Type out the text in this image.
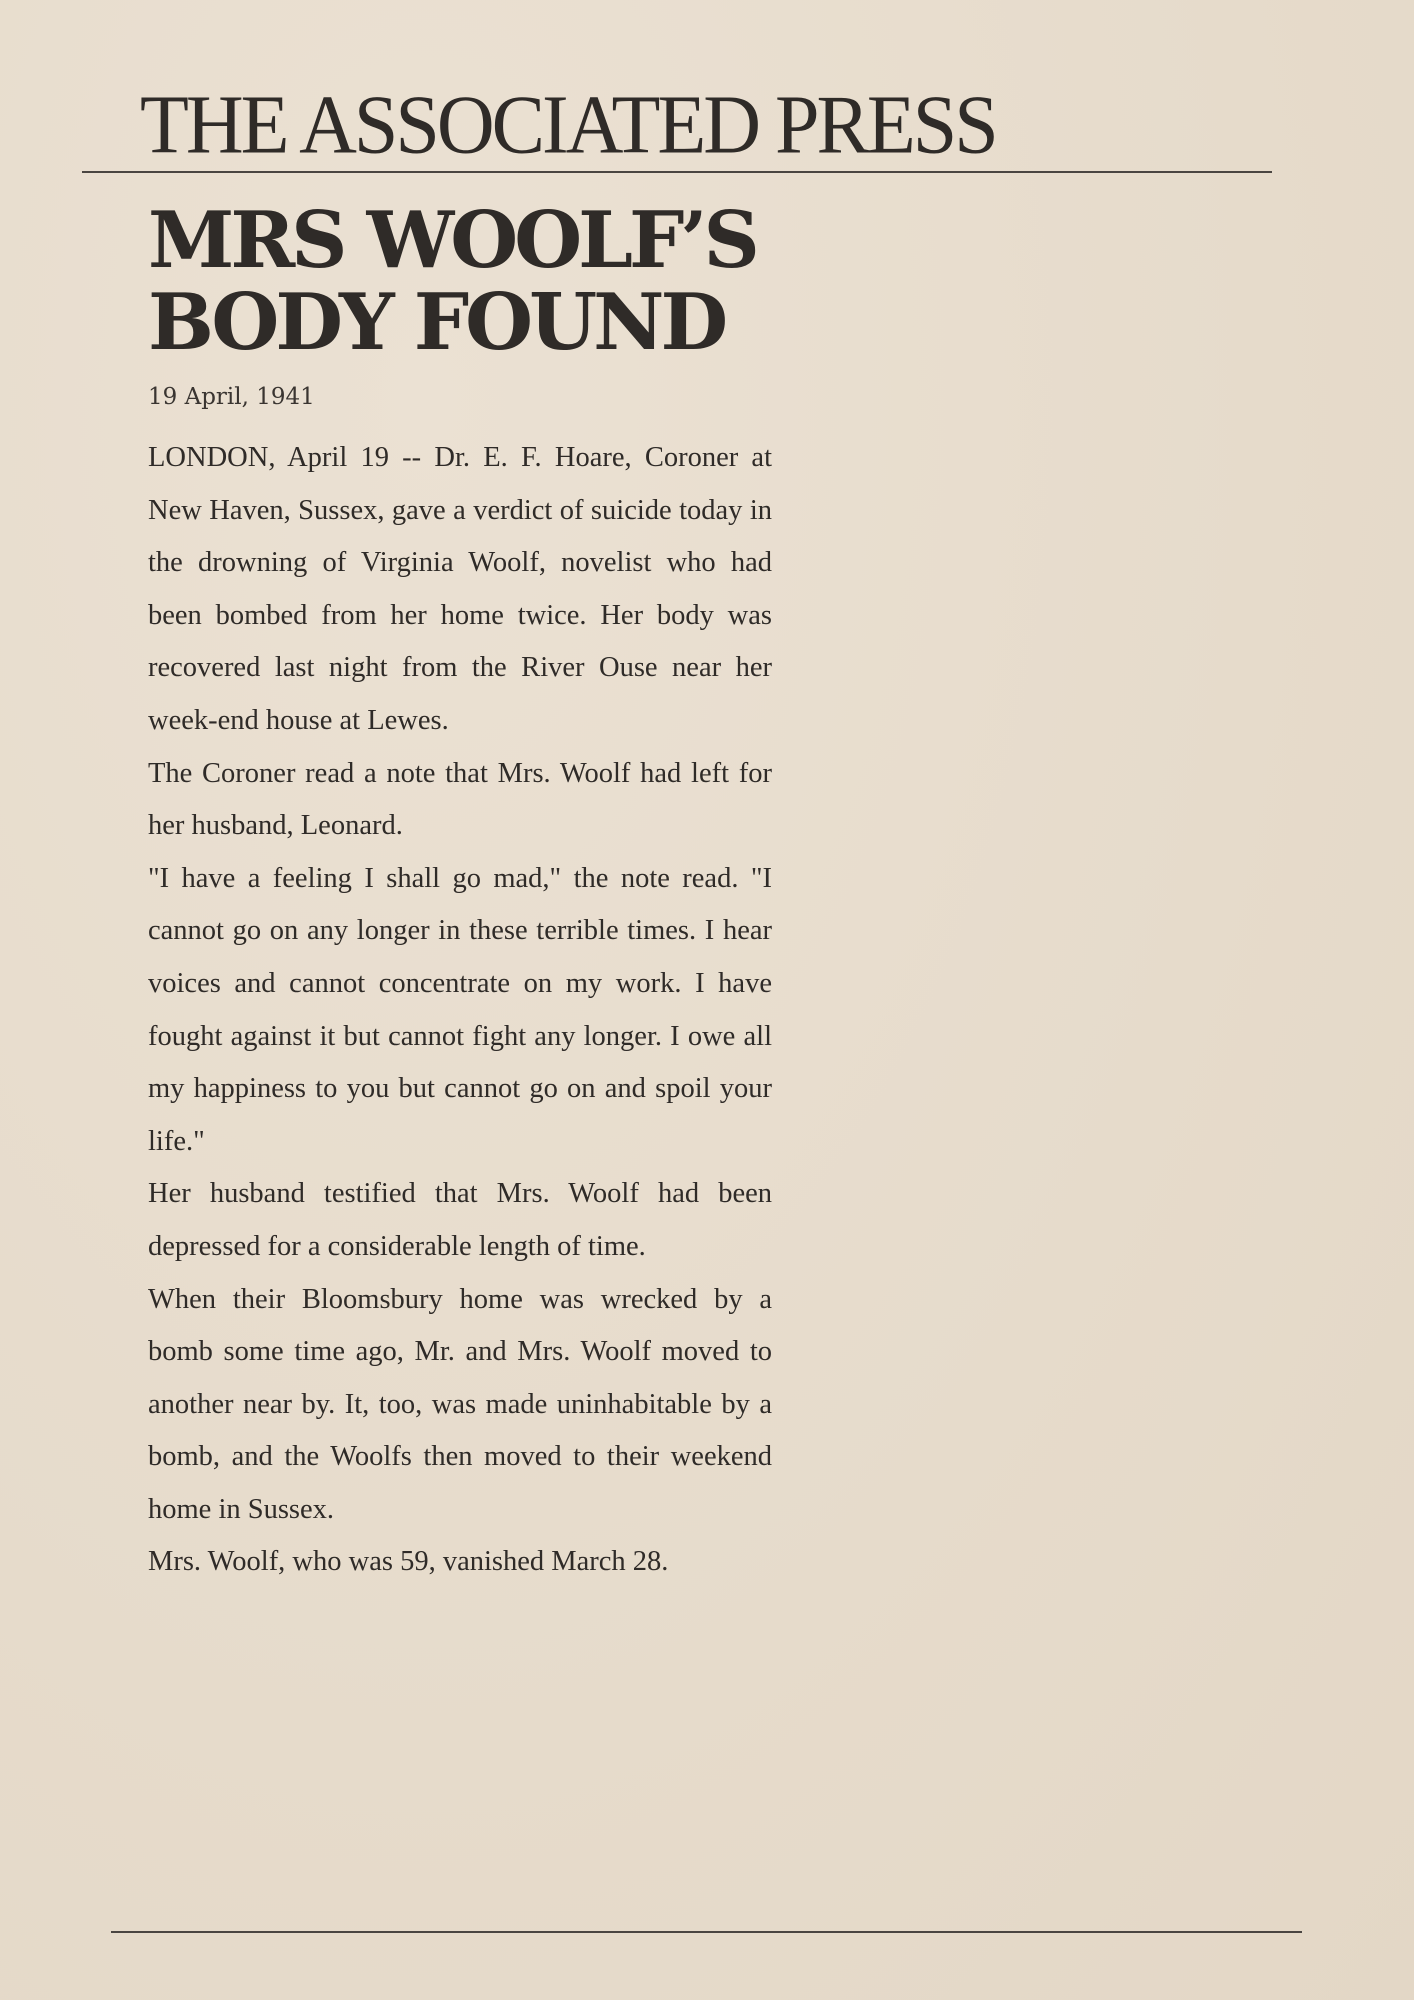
THE ASSOCIATED PRESS
MRS WOOLF’S BODY FOUND
19 April, 1941

LONDON, April 19 -- Dr. E. F. Hoare, Coroner at New Haven, Sussex, gave a verdict of suicide today in the drowning of Virginia Woolf, novelist who had been bombed from her home twice. Her body was recovered last night from the River Ouse near her week-end house at Lewes.

The Coroner read a note that Mrs. Woolf had left for her husband, Leonard.

"I have a feeling I shall go mad," the note read. "I cannot go on any longer in these terrible times. I hear voices and cannot concentrate on my work. I have fought against it but cannot fight any longer. I owe all my happiness to you but cannot go on and spoil your life."

Her husband testified that Mrs. Woolf had been depressed for a considerable length of time.

When their Bloomsbury home was wrecked by a bomb some time ago, Mr. and Mrs. Woolf moved to another near by. It, too, was made uninhabitable by a bomb, and the Woolfs then moved to their weekend home in Sussex.

Mrs. Woolf, who was 59, vanished March 28.
